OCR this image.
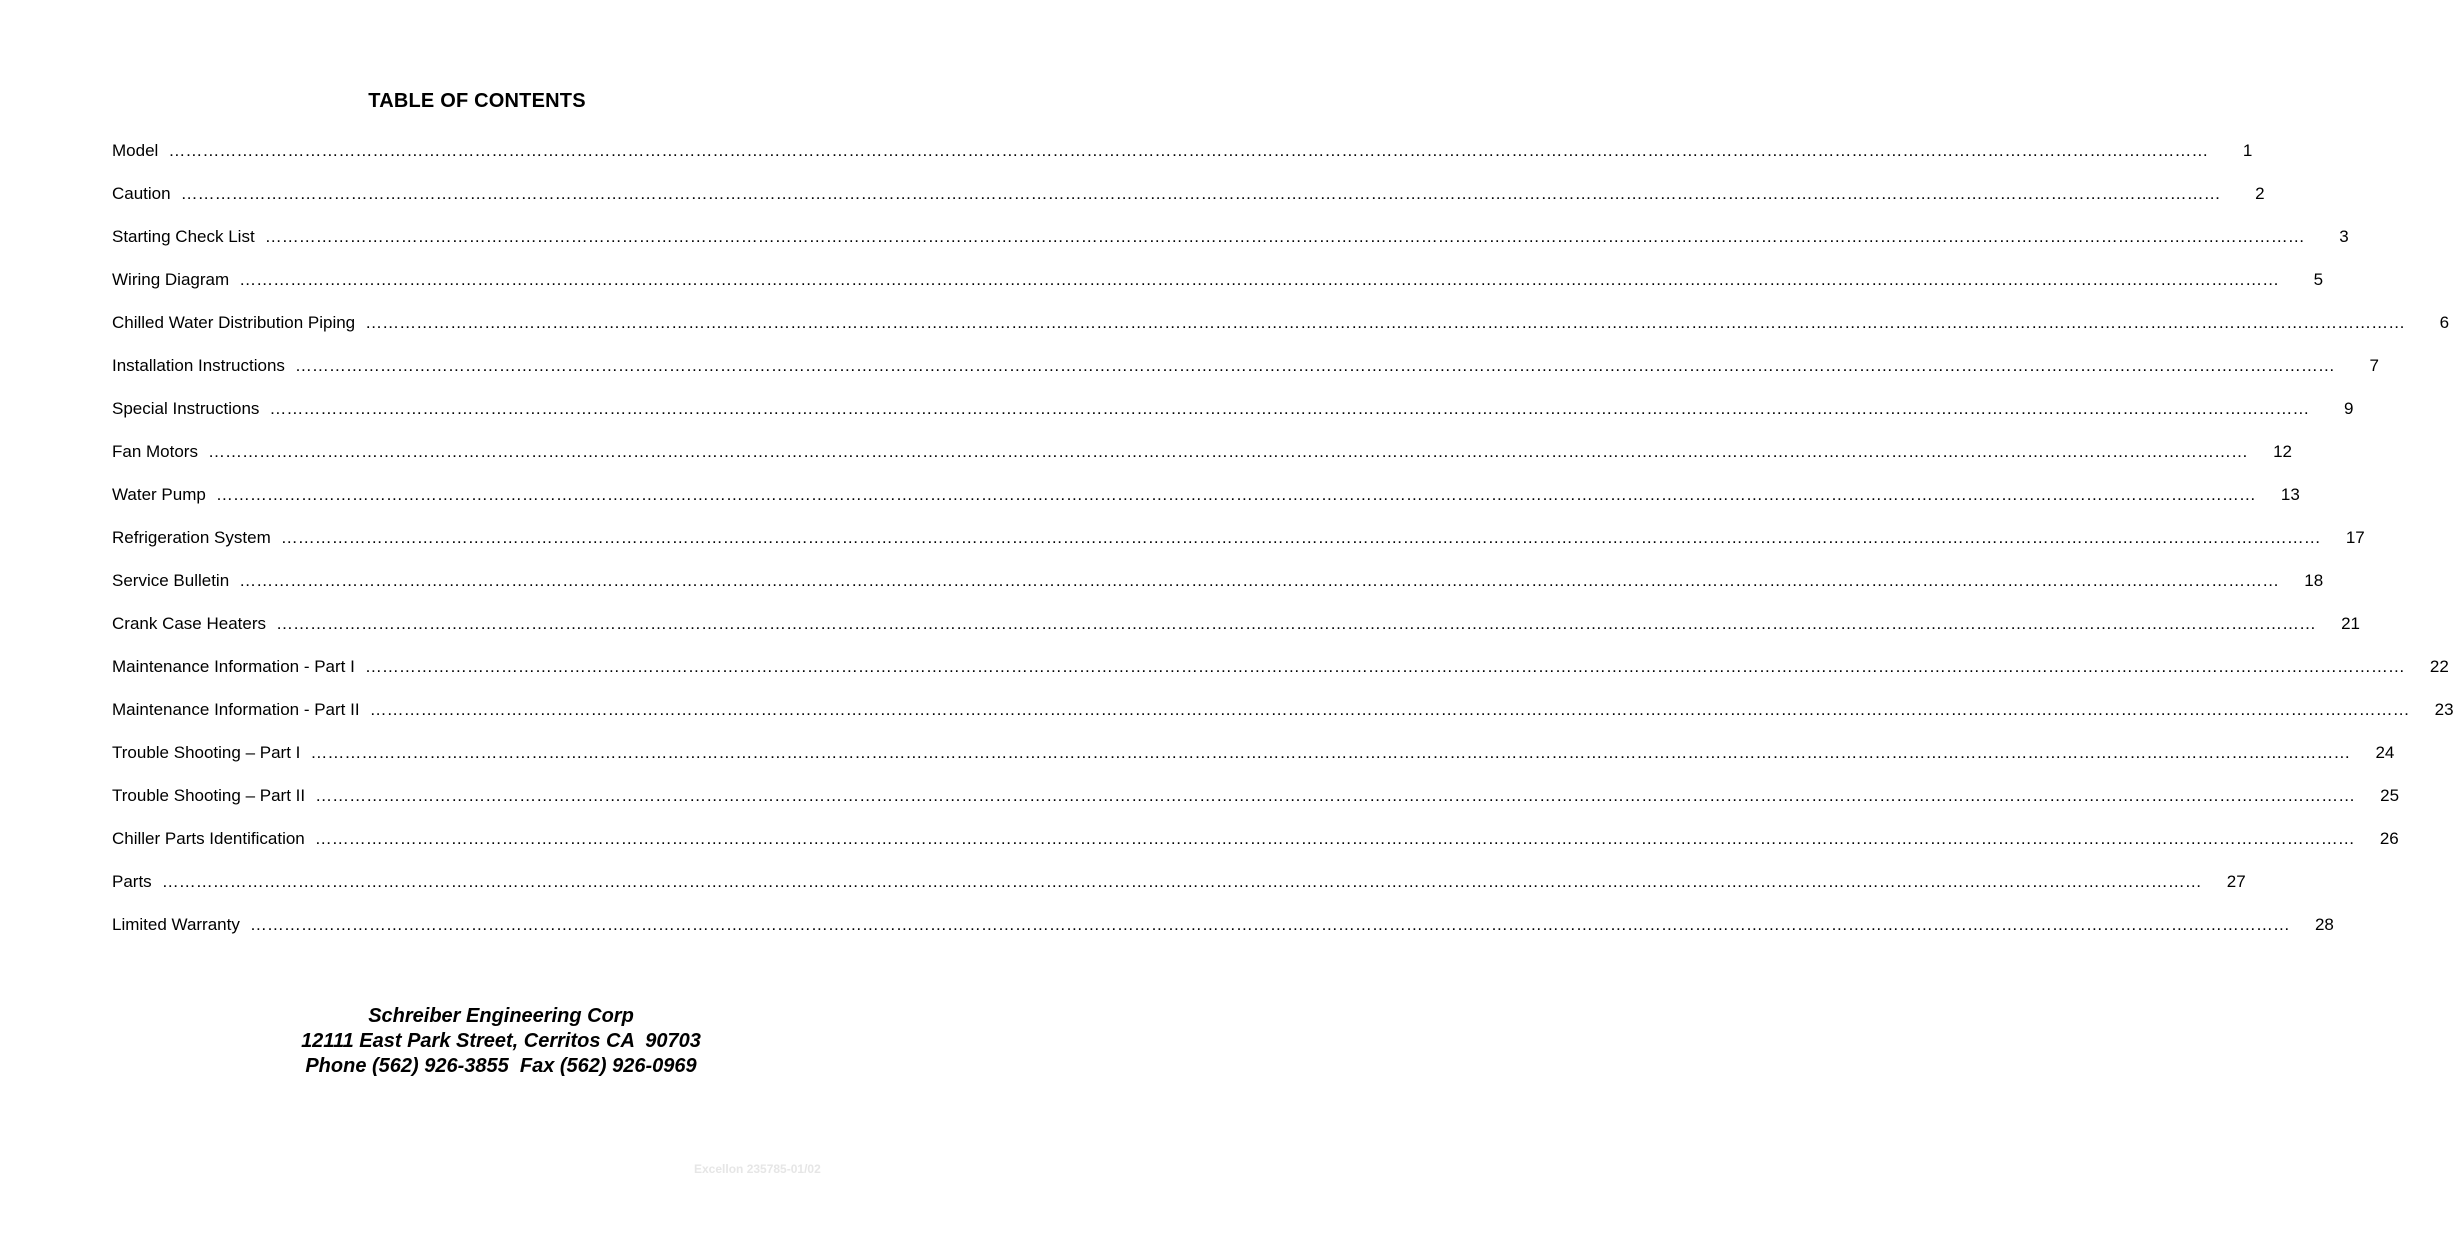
TABLE OF CONTENTS
Model ………………………………………………………………………………………………………………………………………………………………………………………………………………………………………………………………………………………………………………………………	1
Caution ………………………………………………………………………………………………………………………………………………………………………………………………………………………………………………………………………………………………………………………………	2
Starting Check List ………………………………………………………………………………………………………………………………………………………………………………………………………………………………………………………………………………………………………………………………	3
Wiring Diagram ………………………………………………………………………………………………………………………………………………………………………………………………………………………………………………………………………………………………………………………………	5
Chilled Water Distribution Piping ………………………………………………………………………………………………………………………………………………………………………………………………………………………………………………………………………………………………………………………………	6
Installation Instructions ………………………………………………………………………………………………………………………………………………………………………………………………………………………………………………………………………………………………………………………………	7
Special Instructions ………………………………………………………………………………………………………………………………………………………………………………………………………………………………………………………………………………………………………………………………	9
Fan Motors ………………………………………………………………………………………………………………………………………………………………………………………………………………………………………………………………………………………………………………………………	12
Water Pump ………………………………………………………………………………………………………………………………………………………………………………………………………………………………………………………………………………………………………………………………	13
Refrigeration System ………………………………………………………………………………………………………………………………………………………………………………………………………………………………………………………………………………………………………………………………	17
Service Bulletin ………………………………………………………………………………………………………………………………………………………………………………………………………………………………………………………………………………………………………………………………	18
Crank Case Heaters ………………………………………………………………………………………………………………………………………………………………………………………………………………………………………………………………………………………………………………………………	21
Maintenance Information - Part I ………………………………………………………………………………………………………………………………………………………………………………………………………………………………………………………………………………………………………………………………	22
Maintenance Information - Part II ………………………………………………………………………………………………………………………………………………………………………………………………………………………………………………………………………………………………………………………………	23
Trouble Shooting – Part I ………………………………………………………………………………………………………………………………………………………………………………………………………………………………………………………………………………………………………………………………	24
Trouble Shooting – Part II ………………………………………………………………………………………………………………………………………………………………………………………………………………………………………………………………………………………………………………………………	25
Chiller Parts Identification ………………………………………………………………………………………………………………………………………………………………………………………………………………………………………………………………………………………………………………………………	26
Parts ………………………………………………………………………………………………………………………………………………………………………………………………………………………………………………………………………………………………………………………………	27
Limited Warranty ………………………………………………………………………………………………………………………………………………………………………………………………………………………………………………………………………………………………………………………………	28
Schreiber Engineering Corp
12111 East Park Street, Cerritos CA  90703
Phone (562) 926-3855  Fax (562) 926-0969
Excellon 235785-01/02
